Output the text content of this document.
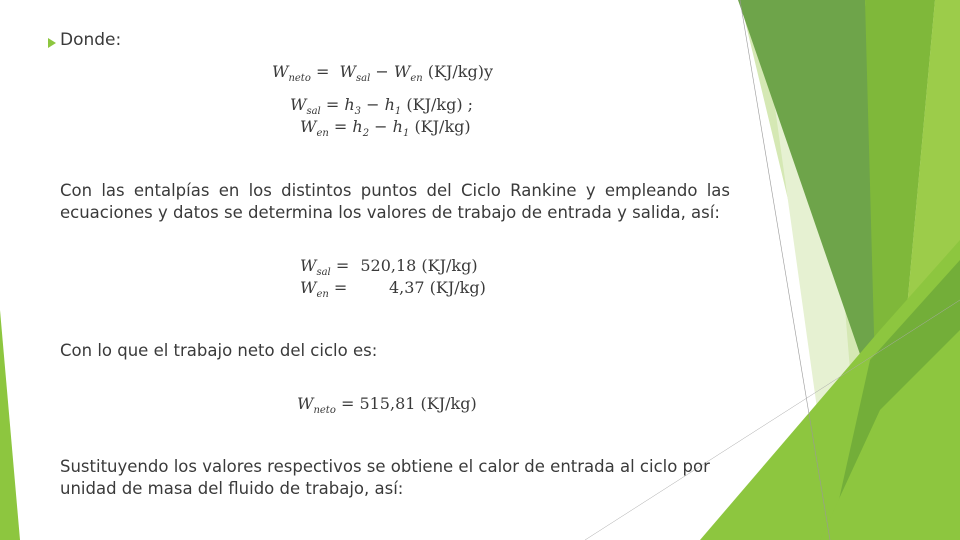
Donde:
$W_{neto} = W_{sal} - W_{en}$ (KJ/kg)y
$W_{sal} = h_3 - h_1$ (KJ/kg) ;
$W_{en} = h_2 - h_1$ (KJ/kg)
Con las entalpías en los distintos puntos del Ciclo Rankine y empleando las ecuaciones y datos se determina los valores de trabajo de entrada y salida, así:
$W_{sal} = 520,18$ (KJ/kg)
$W_{en} = 4,37$ (KJ/kg)
Con lo que el trabajo neto del ciclo es:
$W_{neto} = 515,81$ (KJ/kg)
Sustituyendo los valores respectivos se obtiene el calor de entrada al ciclo por unidad de masa del fluido de trabajo, así:
